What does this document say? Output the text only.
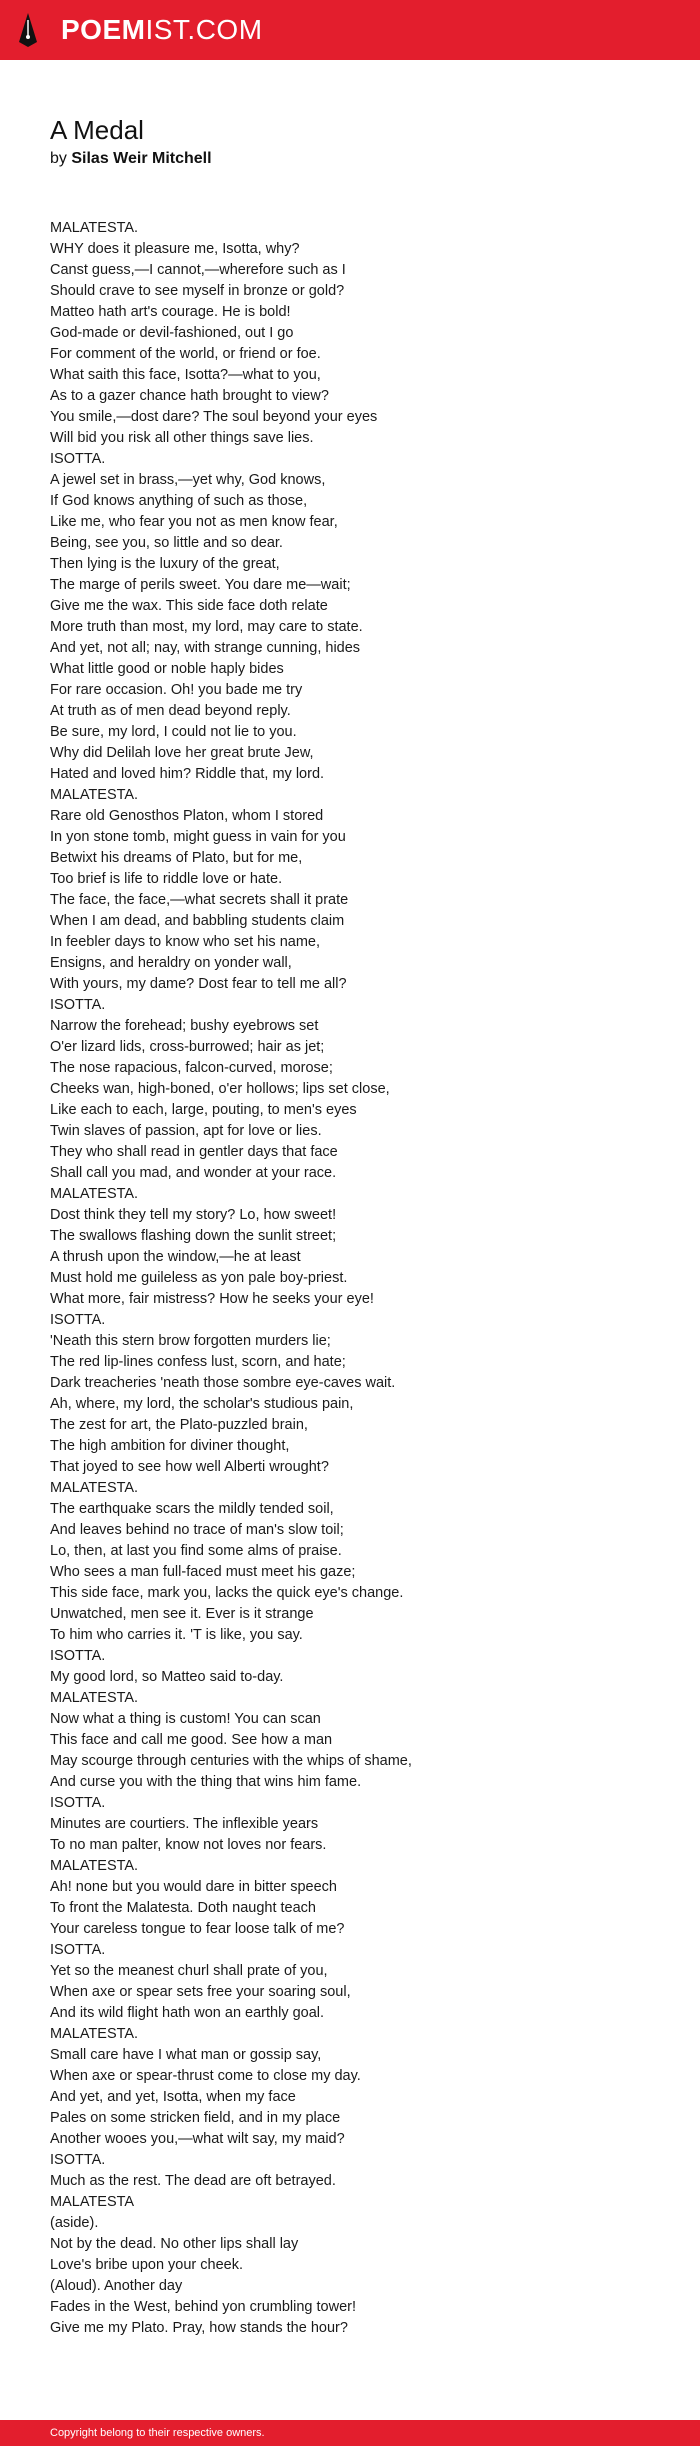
POEMIST.COM
A Medal
by Silas Weir Mitchell
MALATESTA.
WHY does it pleasure me, Isotta, why?
Canst guess,—I cannot,—wherefore such as I
Should crave to see myself in bronze or gold?
Matteo hath art's courage. He is bold!
God-made or devil-fashioned, out I go
For comment of the world, or friend or foe.
What saith this face, Isotta?—what to you,
As to a gazer chance hath brought to view?
You smile,—dost dare? The soul beyond your eyes
Will bid you risk all other things save lies.
ISOTTA.
A jewel set in brass,—yet why, God knows,
If God knows anything of such as those,
Like me, who fear you not as men know fear,
Being, see you, so little and so dear.
Then lying is the luxury of the great,
The marge of perils sweet. You dare me—wait;
Give me the wax. This side face doth relate
More truth than most, my lord, may care to state.
And yet, not all; nay, with strange cunning, hides
What little good or noble haply bides
For rare occasion. Oh! you bade me try
At truth as of men dead beyond reply.
Be sure, my lord, I could not lie to you.
Why did Delilah love her great brute Jew,
Hated and loved him? Riddle that, my lord.
MALATESTA.
Rare old Genosthos Platon, whom I stored
In yon stone tomb, might guess in vain for you
Betwixt his dreams of Plato, but for me,
Too brief is life to riddle love or hate.
The face, the face,—what secrets shall it prate
When I am dead, and babbling students claim
In feebler days to know who set his name,
Ensigns, and heraldry on yonder wall,
With yours, my dame? Dost fear to tell me all?
ISOTTA.
Narrow the forehead; bushy eyebrows set
O'er lizard lids, cross-burrowed; hair as jet;
The nose rapacious, falcon-curved, morose;
Cheeks wan, high-boned, o'er hollows; lips set close,
Like each to each, large, pouting, to men's eyes
Twin slaves of passion, apt for love or lies.
They who shall read in gentler days that face
Shall call you mad, and wonder at your race.
MALATESTA.
Dost think they tell my story? Lo, how sweet!
The swallows flashing down the sunlit street;
A thrush upon the window,—he at least
Must hold me guileless as yon pale boy-priest.
What more, fair mistress? How he seeks your eye!
ISOTTA.
'Neath this stern brow forgotten murders lie;
The red lip-lines confess lust, scorn, and hate;
Dark treacheries 'neath those sombre eye-caves wait.
Ah, where, my lord, the scholar's studious pain,
The zest for art, the Plato-puzzled brain,
The high ambition for diviner thought,
That joyed to see how well Alberti wrought?
MALATESTA.
The earthquake scars the mildly tended soil,
And leaves behind no trace of man's slow toil;
Lo, then, at last you find some alms of praise.
Who sees a man full-faced must meet his gaze;
This side face, mark you, lacks the quick eye's change.
Unwatched, men see it. Ever is it strange
To him who carries it. 'T is like, you say.
ISOTTA.
My good lord, so Matteo said to-day.
MALATESTA.
Now what a thing is custom! You can scan
This face and call me good. See how a man
May scourge through centuries with the whips of shame,
And curse you with the thing that wins him fame.
ISOTTA.
Minutes are courtiers. The inflexible years
To no man palter, know not loves nor fears.
MALATESTA.
Ah! none but you would dare in bitter speech
To front the Malatesta. Doth naught teach
Your careless tongue to fear loose talk of me?
ISOTTA.
Yet so the meanest churl shall prate of you,
When axe or spear sets free your soaring soul,
And its wild flight hath won an earthly goal.
MALATESTA.
Small care have I what man or gossip say,
When axe or spear-thrust come to close my day.
And yet, and yet, Isotta, when my face
Pales on some stricken field, and in my place
Another wooes you,—what wilt say, my maid?
ISOTTA.
Much as the rest. The dead are oft betrayed.
MALATESTA
(aside).
Not by the dead. No other lips shall lay
Love's bribe upon your cheek.
(Aloud). Another day
Fades in the West, behind yon crumbling tower!
Give me my Plato. Pray, how stands the hour?
Copyright belong to their respective owners.
